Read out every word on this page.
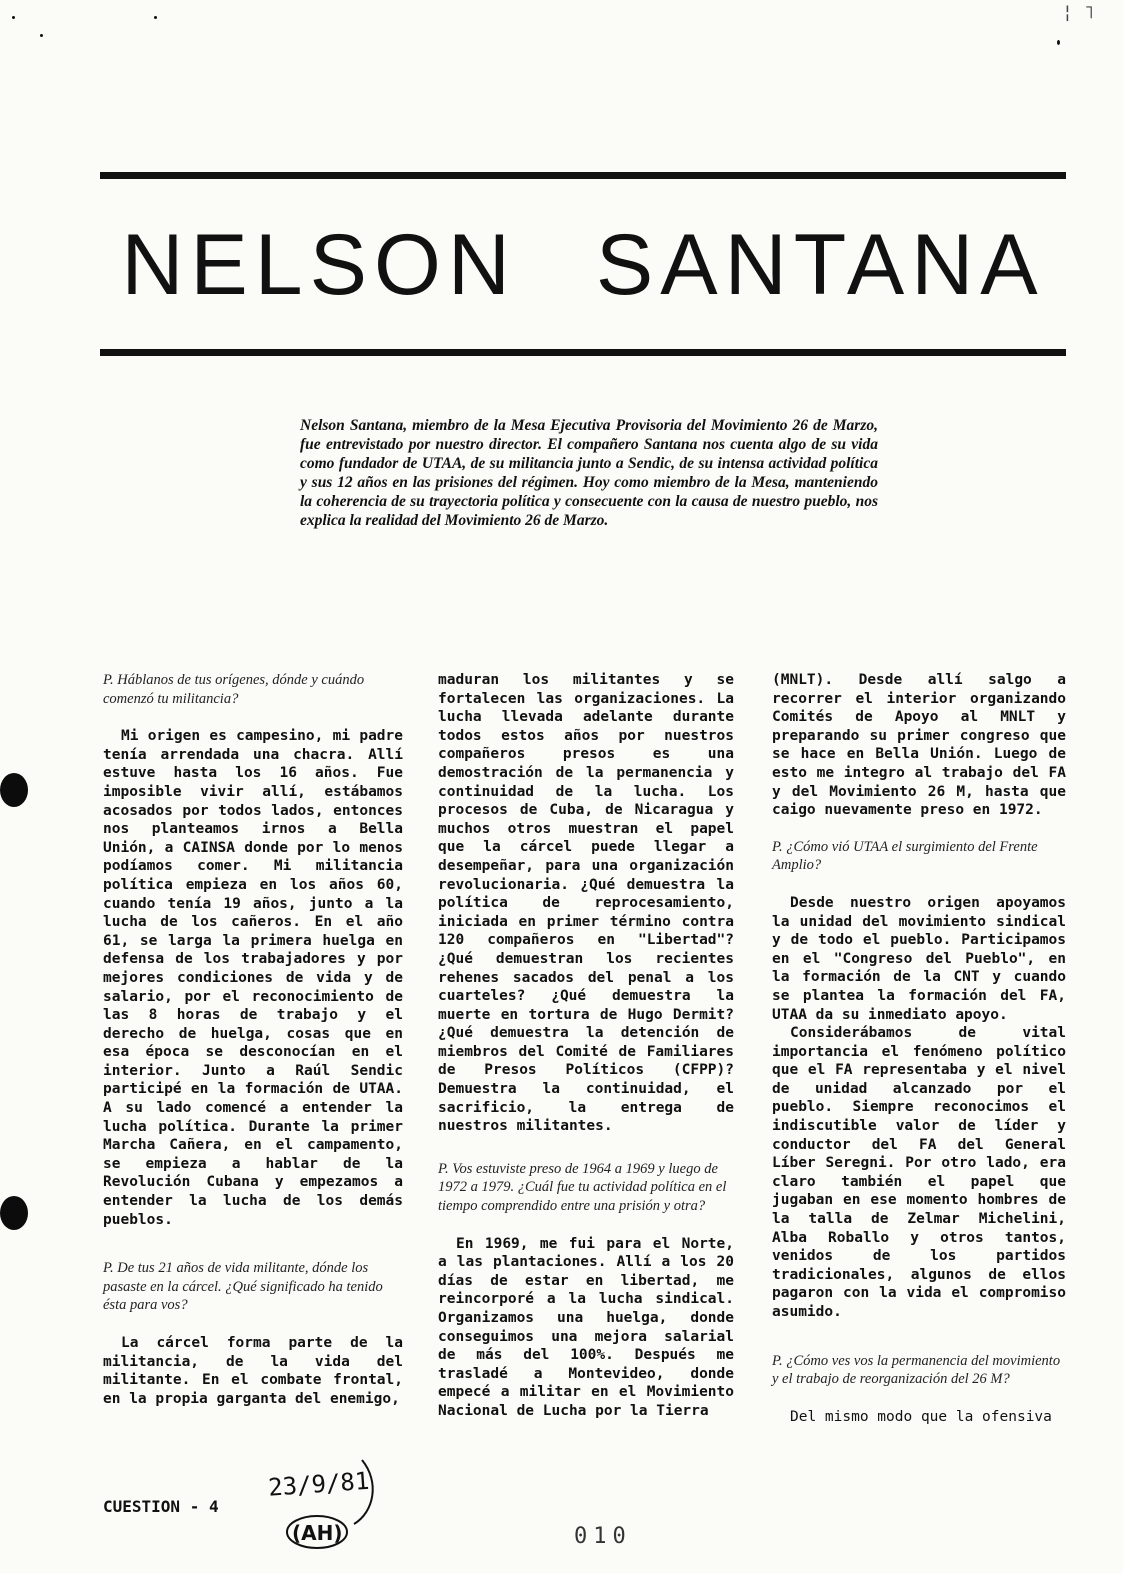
¦ ˥
NELSON SANTANA

Nelson Santana, miembro de la Mesa Ejecutiva Provisoria del Movimiento 26 de Marzo, fue entrevistado por nuestro director. El compañero Santana nos cuenta algo de su vida como fundador de UTAA, de su militancia junto a Sendic, de su intensa actividad política y sus 12 años en las prisiones del régimen. Hoy como miembro de la Mesa, manteniendo la coherencia de su trayectoria política y consecuente con la causa de nuestro pueblo, nos explica la realidad del Movimiento 26 de Marzo.

P. Háblanos de tus orígenes, dónde y cuándo comenzó tu militancia?

Mi origen es campesino, mi padre tenía arrendada una chacra. Allí estuve hasta los 16 años. Fue imposible vivir allí, estábamos acosados por todos lados, entonces nos planteamos irnos a Bella Unión, a CAINSA donde por lo menos podíamos comer. Mi militancia política empieza en los años 60, cuando tenía 19 años, junto a la lucha de los cañeros. En el año 61, se larga la primera huelga en defensa de los trabajadores y por mejores condiciones de vida y de salario, por el reconocimiento de las 8 horas de trabajo y el derecho de huelga, cosas que en esa época se desconocían en el interior. Junto a Raúl Sendic participé en la formación de UTAA. A su lado comencé a entender la lucha política. Durante la primer Marcha Cañera, en el campamento, se empieza a hablar de la Revolución Cubana y empezamos a entender la lucha de los demás pueblos.

P. De tus 21 años de vida militante, dónde los pasaste en la cárcel. ¿Qué significado ha tenido ésta para vos?

La cárcel forma parte de la militancia, de la vida del militante. En el combate frontal, en la propia garganta del enemigo,

maduran los militantes y se fortalecen las organizaciones. La lucha llevada adelante durante todos estos años por nuestros compañeros presos es una demostración de la permanencia y continuidad de la lucha. Los procesos de Cuba, de Nicaragua y muchos otros muestran el papel que la cárcel puede llegar a desempeñar, para una organización revolucionaria. ¿Qué demuestra la política de reprocesamiento, iniciada en primer término contra 120 compañeros en "Libertad"? ¿Qué demuestran los recientes rehenes sacados del penal a los cuarteles? ¿Qué demuestra la muerte en tortura de Hugo Dermit? ¿Qué demuestra la detención de miembros del Comité de Familiares de Presos Políticos (CFPP)? Demuestra la continuidad, el sacrificio, la entrega de nuestros militantes.

P. Vos estuviste preso de 1964 a 1969 y luego de 1972 a 1979. ¿Cuál fue tu actividad política en el tiempo comprendido entre una prisión y otra?

En 1969, me fui para el Norte, a las plantaciones. Allí a los 20 días de estar en libertad, me reincorporé a la lucha sindical. Organizamos una huelga, donde conseguimos una mejora salarial de más del 100%. Después me trasladé a Montevideo, donde empecé a militar en el Movimiento Nacional de Lucha por la Tierra

(MNLT). Desde allí salgo a recorrer el interior organizando Comités de Apoyo al MNLT y preparando su primer congreso que se hace en Bella Unión. Luego de esto me integro al trabajo del FA y del Movimiento 26 M, hasta que caigo nuevamente preso en 1972.

P. ¿Cómo vió UTAA el surgimiento del Frente Amplio?

Desde nuestro origen apoyamos la unidad del movimiento sindical y de todo el pueblo. Participamos en el "Congreso del Pueblo", en la formación de la CNT y cuando se plantea la formación del FA, UTAA da su inmediato apoyo.

Considerábamos de vital importancia el fenómeno político que el FA representaba y el nivel de unidad alcanzado por el pueblo. Siempre reconocimos el indiscutible valor de líder y conductor del FA del General Líber Seregni. Por otro lado, era claro también el papel que jugaban en ese momento hombres de la talla de Zelmar Michelini, Alba Roballo y otros tantos, venidos de los partidos tradicionales, algunos de ellos pagaron con la vida el compromiso asumido.

P. ¿Cómo ves vos la permanencia del movimiento y el trabajo de reorganización del 26 M?

Del mismo modo que la ofensiva

CUESTION - 4
23/9/81
(AH)	010
